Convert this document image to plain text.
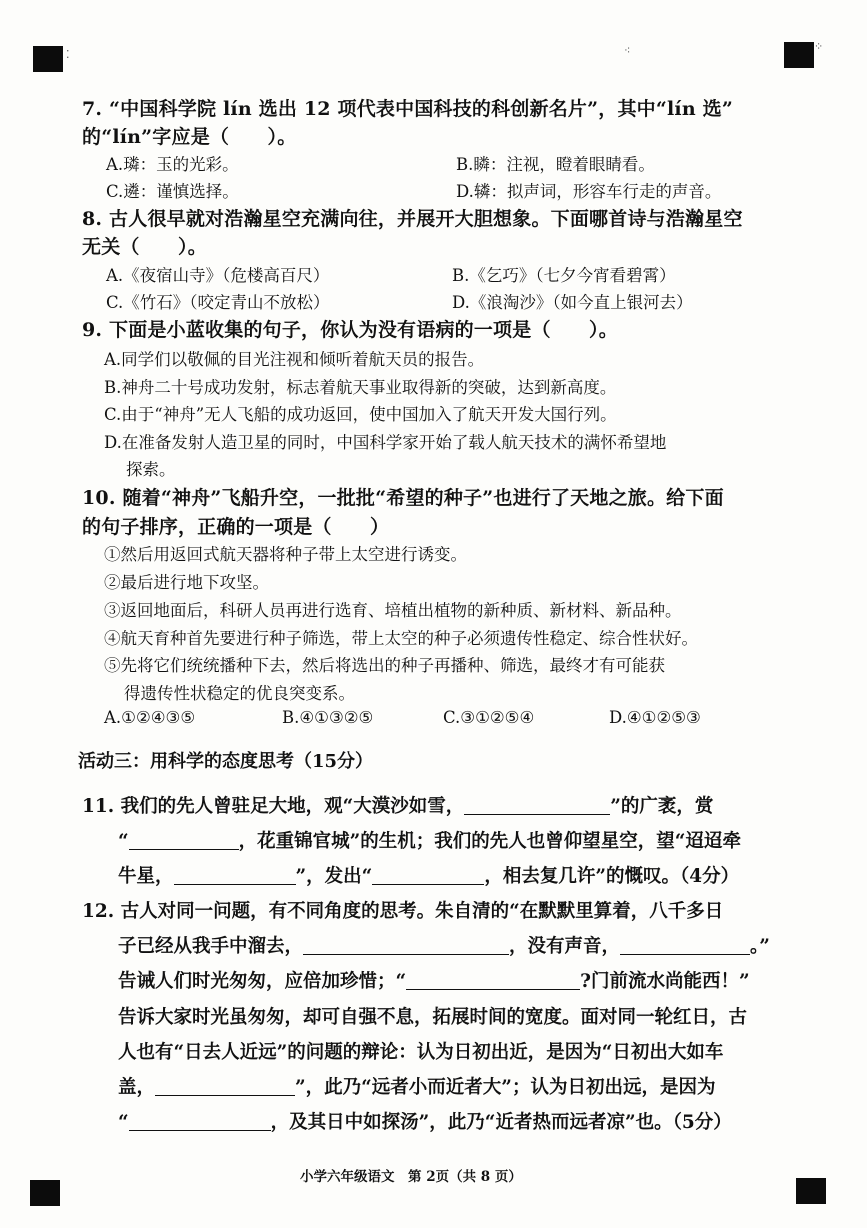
⁚	⁖	⁘
7. “中国科学院 lín 选出 12 项代表中国科技的科创新名片”，其中“lín 选”
的“lín”字应是（　　）。
A.璘：玉的光彩。	B.瞵：注视，瞪着眼睛看。
C.遴：谨慎选择。	D.辚：拟声词，形容车行走的声音。
8. 古人很早就对浩瀚星空充满向往，并展开大胆想象。下面哪首诗与浩瀚星空
无关（　　）。
A.《夜宿山寺》（危楼高百尺）	B.《乞巧》（七夕今宵看碧霄）
C.《竹石》（咬定青山不放松）	D.《浪淘沙》（如今直上银河去）
9. 下面是小蓝收集的句子，你认为没有语病的一项是（　　）。
A.同学们以敬佩的目光注视和倾听着航天员的报告。
B.神舟二十号成功发射，标志着航天事业取得新的突破，达到新高度。
C.由于“神舟”无人飞船的成功返回，使中国加入了航天开发大国行列。
D.在准备发射人造卫星的同时，中国科学家开始了载人航天技术的满怀希望地
探索。
10. 随着“神舟”飞船升空，一批批“希望的种子”也进行了天地之旅。给下面
的句子排序，正确的一项是（　　）
①然后用返回式航天器将种子带上太空进行诱变。
②最后进行地下攻坚。
③返回地面后，科研人员再进行选育、培植出植物的新种质、新材料、新品种。
④航天育种首先要进行种子筛选，带上太空的种子必须遗传性稳定、综合性状好。
⑤先将它们统统播种下去，然后将选出的种子再播种、筛选，最终才有可能获
得遗传性状稳定的优良突变系。
A.①②④③⑤	B.④①③②⑤	C.③①②⑤④	D.④①②⑤③
活动三：用科学的态度思考（15分）
11. 我们的先人曾驻足大地，观“大漠沙如雪，	”的广袤，赏
“	，花重锦官城”的生机；我们的先人也曾仰望星空，望“迢迢牵
牛星，	”，发出“	，相去复几许”的慨叹。（4分）
12. 古人对同一问题，有不同角度的思考。朱自清的“在默默里算着，八千多日
子已经从我手中溜去，	，没有声音，	。”
告诫人们时光匆匆，应倍加珍惜；“	?门前流水尚能西！”
告诉大家时光虽匆匆，却可自强不息，拓展时间的宽度。面对同一轮红日，古
人也有“日去人近远”的问题的辩论：认为日初出近，是因为“日初出大如车
盖，	”，此乃“远者小而近者大”；认为日初出远，是因为
“	，及其日中如探汤”，此乃“近者热而远者凉”也。（5分）
小学六年级语文　第 2页（共 8 页）
